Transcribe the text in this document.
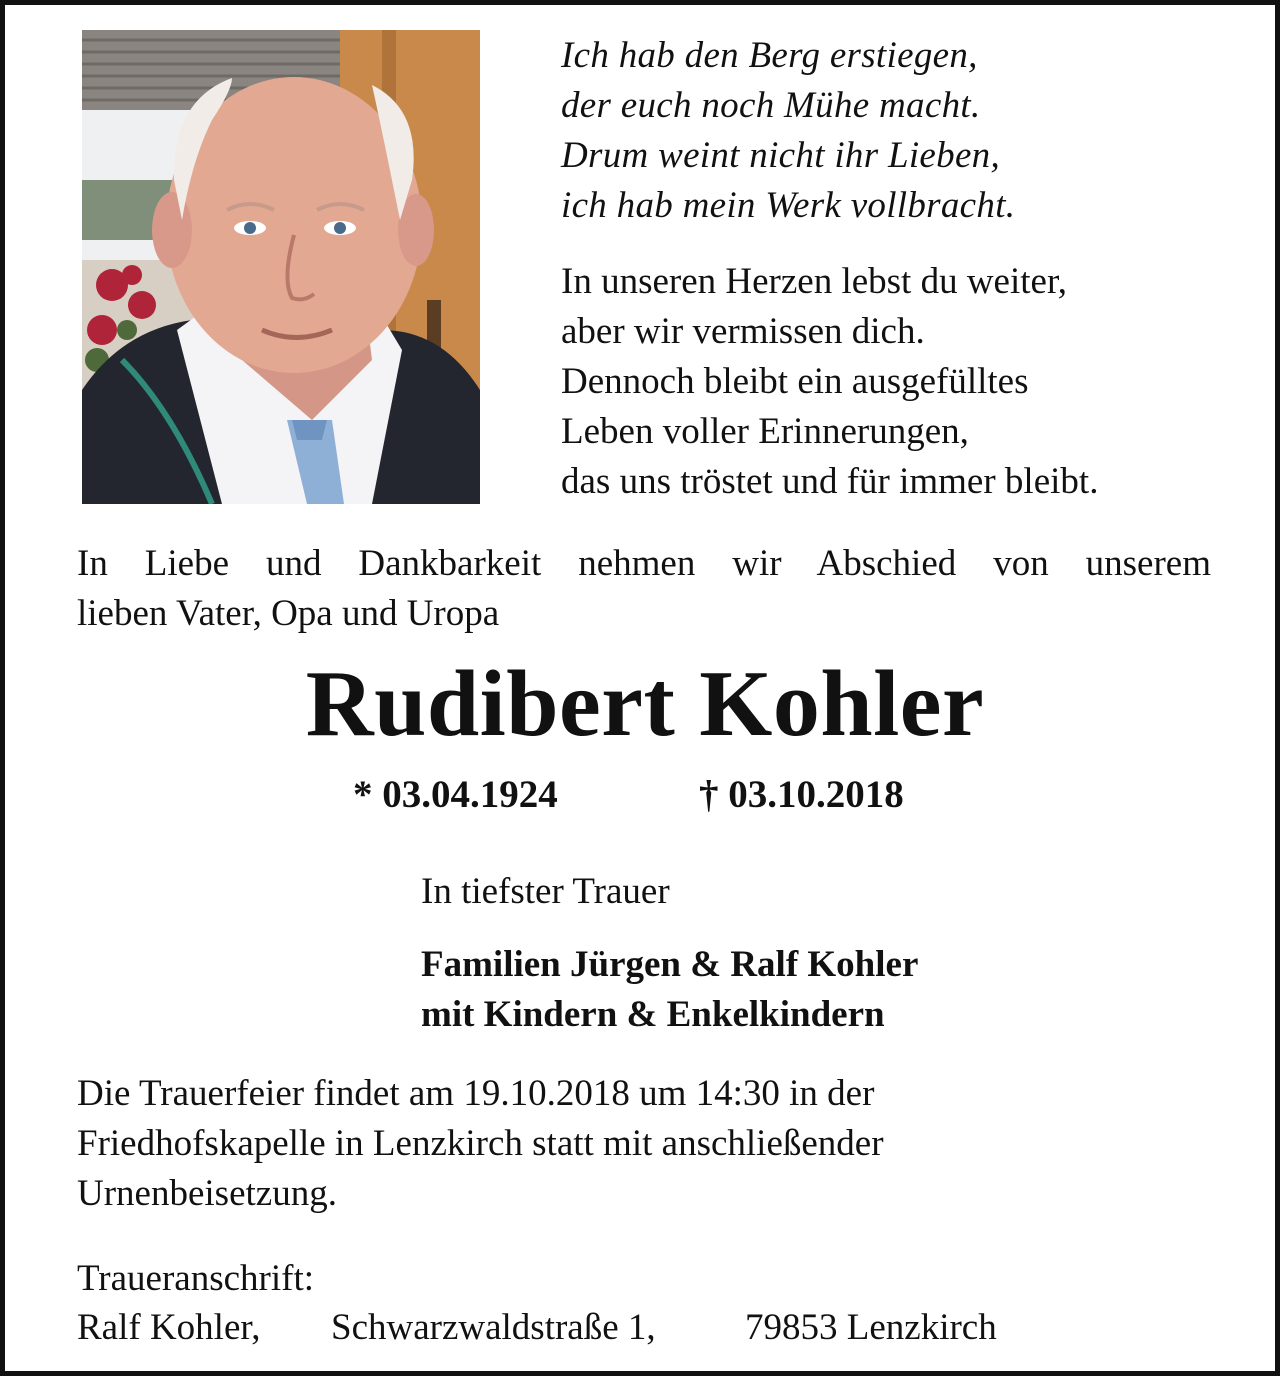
Ich hab den Berg erstiegen,
der euch noch Mühe macht.
Drum weint nicht ihr Lieben,
ich hab mein Werk vollbracht.
In unseren Herzen lebst du weiter,
aber wir vermissen dich.
Dennoch bleibt ein ausgefülltes
Leben voller Erinnerungen,
das uns tröstet und für immer bleibt.
In Liebe und Dankbarkeit nehmen wir Abschied von unserem
lieben Vater, Opa und Uropa
Rudibert Kohler
* 03.04.1924	† 03.10.2018
In tiefster Trauer
Familien Jürgen & Ralf Kohler
mit Kindern & Enkelkindern
Die Trauerfeier findet am 19.10.2018 um 14:30 in der
Friedhofskapelle in Lenzkirch statt mit anschließender
Urnenbeisetzung.
Traueranschrift:
Ralf Kohler, Schwarzwaldstraße 1, 79853 Lenzkirch
